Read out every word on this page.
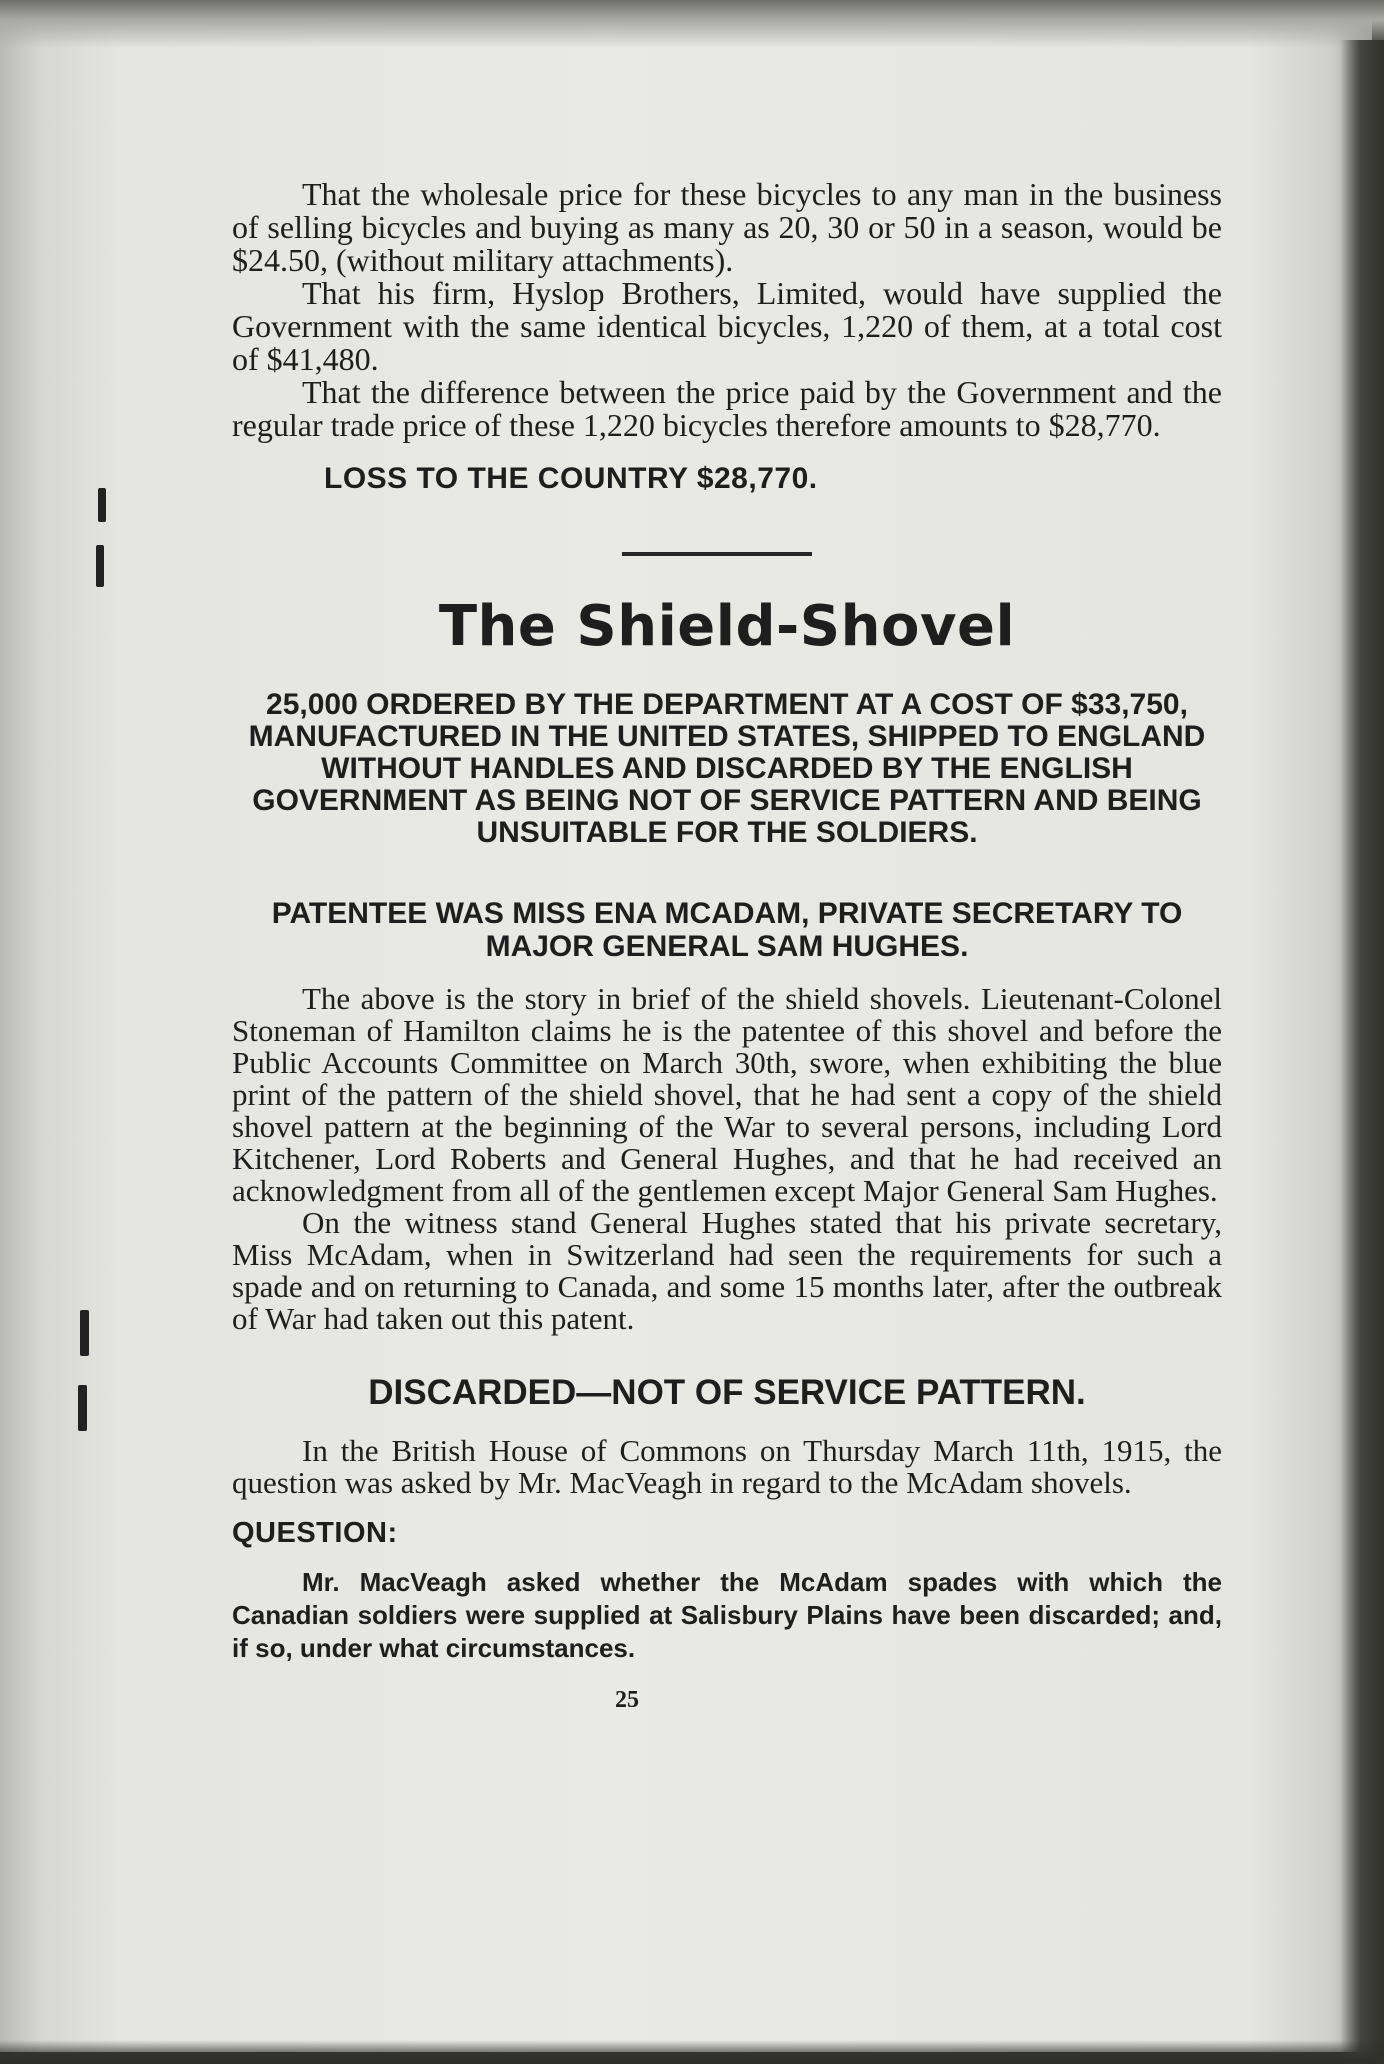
That the wholesale price for these bicycles to any man in the business of selling bicycles and buying as many as 20, 30 or 50 in a season, would be $24.50, (without military attachments).

That his firm, Hyslop Brothers, Limited, would have supplied the Government with the same identical bicycles, 1,220 of them, at a total cost of $41,480.

That the difference between the price paid by the Government and the regular trade price of these 1,220 bicycles therefore amounts to $28,770.

LOSS TO THE COUNTRY $28,770.
The Shield-Shovel
25,000 ORDERED BY THE DEPARTMENT AT A COST OF $33,750, MANUFACTURED IN THE UNITED STATES, SHIPPED TO ENGLAND WITHOUT HANDLES AND DISCARDED BY THE ENGLISH GOVERNMENT AS BEING NOT OF SERVICE PATTERN AND BEING UNSUITABLE FOR THE SOLDIERS.
PATENTEE WAS MISS ENA MCADAM, PRIVATE SECRETARY TO MAJOR GENERAL SAM HUGHES.

The above is the story in brief of the shield shovels. Lieutenant-Colonel Stoneman of Hamilton claims he is the patentee of this shovel and before the Public Accounts Committee on March 30th, swore, when exhibiting the blue print of the pattern of the shield shovel, that he had sent a copy of the shield shovel pattern at the beginning of the War to several persons, including Lord Kitchener, Lord Roberts and General Hughes, and that he had received an acknowledgment from all of the gentlemen except Major General Sam Hughes.

On the witness stand General Hughes stated that his private secretary, Miss McAdam, when in Switzerland had seen the requirements for such a spade and on returning to Canada, and some 15 months later, after the outbreak of War had taken out this patent.

DISCARDED—NOT OF SERVICE PATTERN.

In the British House of Commons on Thursday March 11th, 1915, the question was asked by Mr. MacVeagh in regard to the McAdam shovels.

QUESTION:

Mr. MacVeagh asked whether the McAdam spades with which the Canadian soldiers were supplied at Salisbury Plains have been discarded; and, if so, under what circumstances.

25
